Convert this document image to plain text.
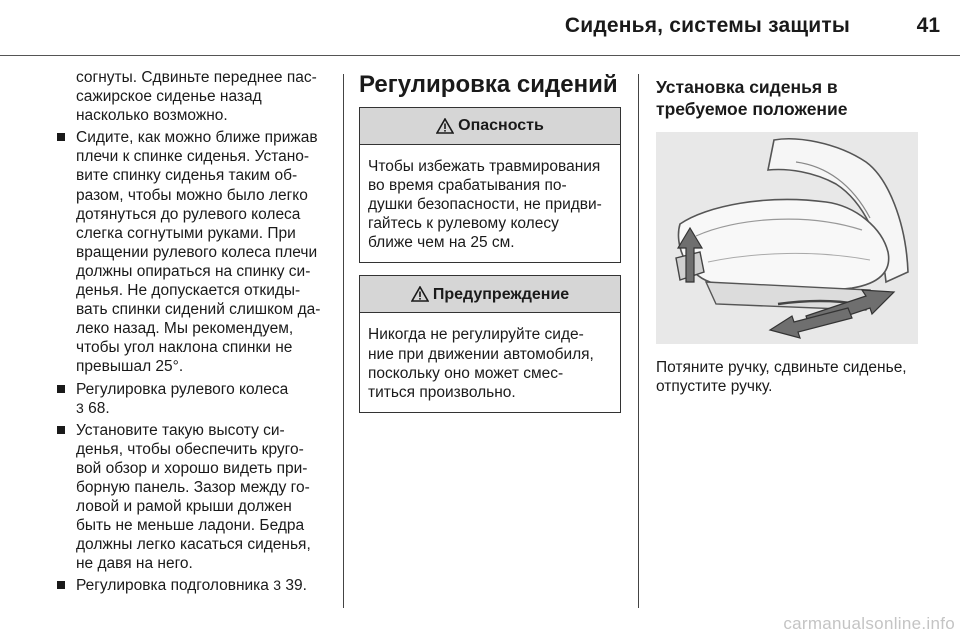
Сиденья, системы защиты	41
согнуты. Сдвиньте переднее пас-
сажирское сиденье назад
насколько возможно.
Сидите, как можно ближе прижав
плечи к спинке сиденья. Устано-
вите спинку сиденья таким об-
разом, чтобы можно было легко
дотянуться до рулевого колеса
слегка согнутыми руками. При
вращении рулевого колеса плечи
должны опираться на спинку си-
денья. Не допускается откиды-
вать спинки сидений слишком да-
леко назад. Мы рекомендуем,
чтобы угол наклона спинки не
превышал 25°.
Регулировка рулевого колеса
3 68.
Установите такую высоту си-
денья, чтобы обеспечить круго-
вой обзор и хорошо видеть при-
борную панель. Зазор между го-
ловой и рамой крыши должен
быть не меньше ладони. Бедра
должны легко касаться сиденья,
не давя на него.
Регулировка подголовника 3 39.
Регулировка сидений
Опасность
Чтобы избежать травмирования
во время срабатывания по-
душки безопасности, не придви-
гайтесь к рулевому колесу
ближе чем на 25 см.
Предупреждение
Никогда не регулируйте сиде-
ние при движении автомобиля,
поскольку оно может смес-
титься произвольно.
Установка сиденья в
требуемое положение
Потяните ручку, сдвиньте сиденье,
отпустите ручку.
carmanualsonline.info
